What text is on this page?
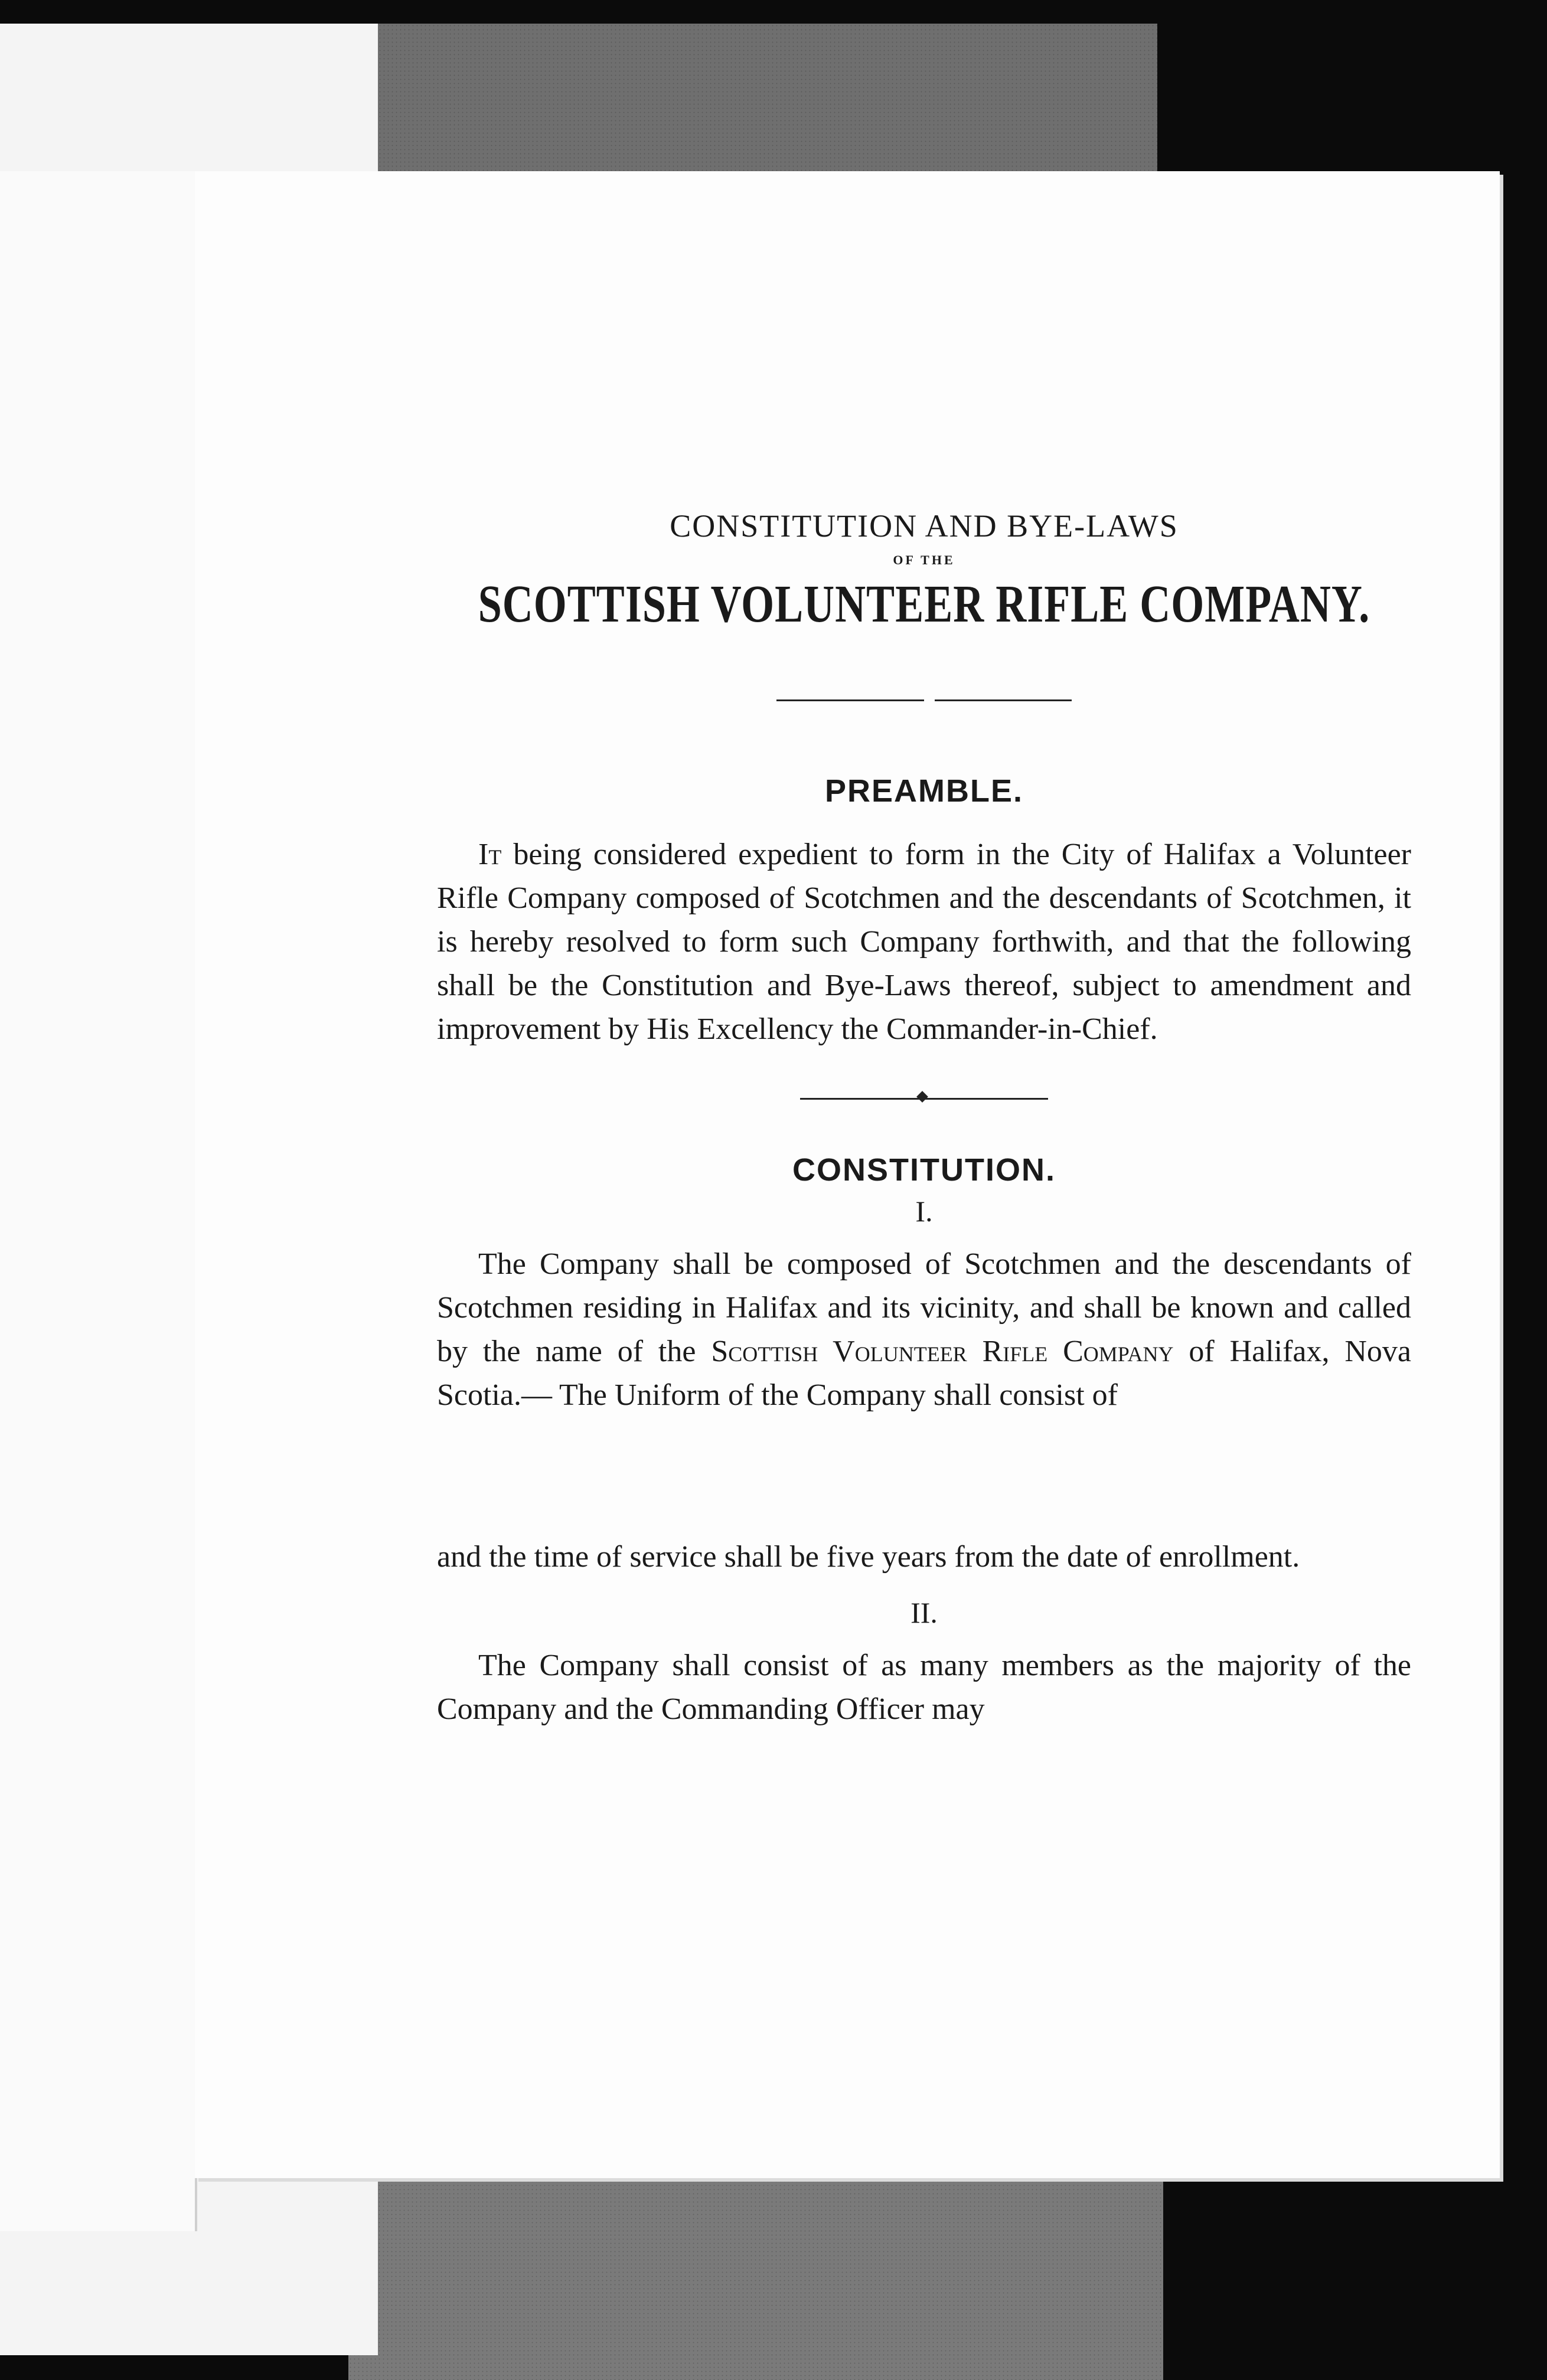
CONSTITUTION AND BYE-LAWS
OF THE
SCOTTISH VOLUNTEER RIFLE COMPANY.
PREAMBLE.

It being considered expedient to form in the City of Halifax a Volunteer Rifle Company composed of Scotchmen and the descendants of Scotchmen, it is hereby resolved to form such Company forthwith, and that the following shall be the Constitution and Bye-Laws thereof, subject to amendment and improvement by His Excellency the Commander-in-Chief.

CONSTITUTION.
I.

The Company shall be composed of Scotchmen and the descendants of Scotchmen residing in Halifax and its vicinity, and shall be known and called by the name of the Scottish Volunteer Rifle Company of Halifax, Nova Scotia.— The Uniform of the Company shall consist of

and the time of service shall be five years from the date of enrollment.

II.

The Company shall consist of as many members as the majority of the Company and the Commanding Officer may
